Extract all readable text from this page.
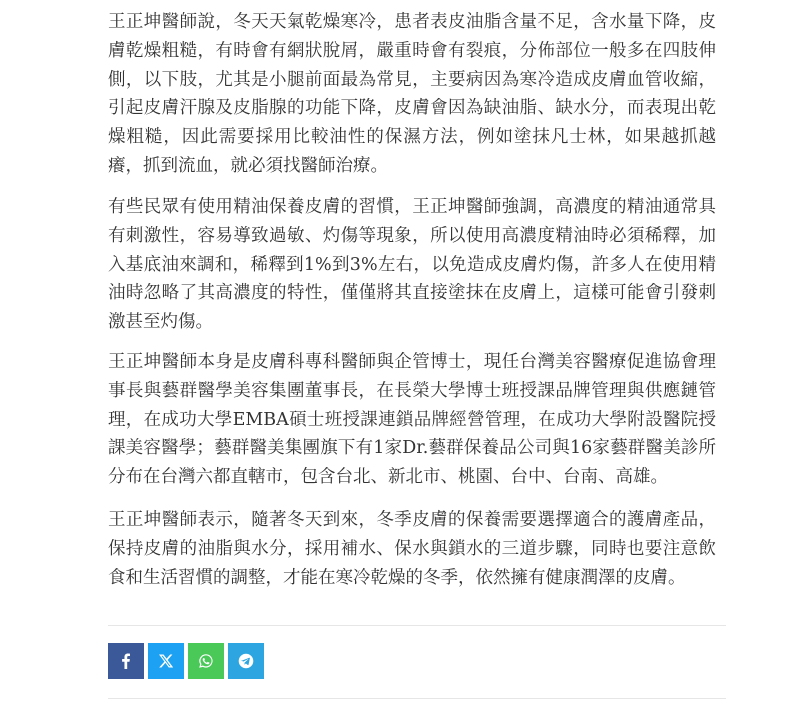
王正坤醫師說，冬天天氣乾燥寒冷，患者表皮油脂含量不足，含水量下降，皮膚乾燥粗糙，有時會有網狀脫屑，嚴重時會有裂痕，分佈部位一般多在四肢伸側，以下肢，尤其是小腿前面最為常見，主要病因為寒冷造成皮膚血管收縮，引起皮膚汗腺及皮脂腺的功能下降，皮膚會因為缺油脂、缺水分，而表現出乾燥粗糙，因此需要採用比較油性的保濕方法，例如塗抹凡士林，如果越抓越癢，抓到流血，就必須找醫師治療。

有些民眾有使用精油保養皮膚的習慣，王正坤醫師強調，高濃度的精油通常具有刺激性，容易導致過敏、灼傷等現象，所以使用高濃度精油時必須稀釋，加入基底油來調和，稀釋到1%到3%左右，以免造成皮膚灼傷，許多人在使用精油時忽略了其高濃度的特性，僅僅將其直接塗抹在皮膚上，這樣可能會引發刺激甚至灼傷。

王正坤醫師本身是皮膚科專科醫師與企管博士，現任台灣美容醫療促進協會理事長與藝群醫學美容集團董事長，在長榮大學博士班授課品牌管理與供應鏈管理，在成功大學EMBA碩士班授課連鎖品牌經營管理，在成功大學附設醫院授課美容醫學；藝群醫美集團旗下有1家Dr.藝群保養品公司與16家藝群醫美診所分布在台灣六都直轄市，包含台北、新北市、桃園、台中、台南、高雄。

王正坤醫師表示，隨著冬天到來，冬季皮膚的保養需要選擇適合的護膚產品，保持皮膚的油脂與水分，採用補水、保水與鎖水的三道步驟，同時也要注意飲食和生活習慣的調整，才能在寒冷乾燥的冬季，依然擁有健康潤澤的皮膚。
